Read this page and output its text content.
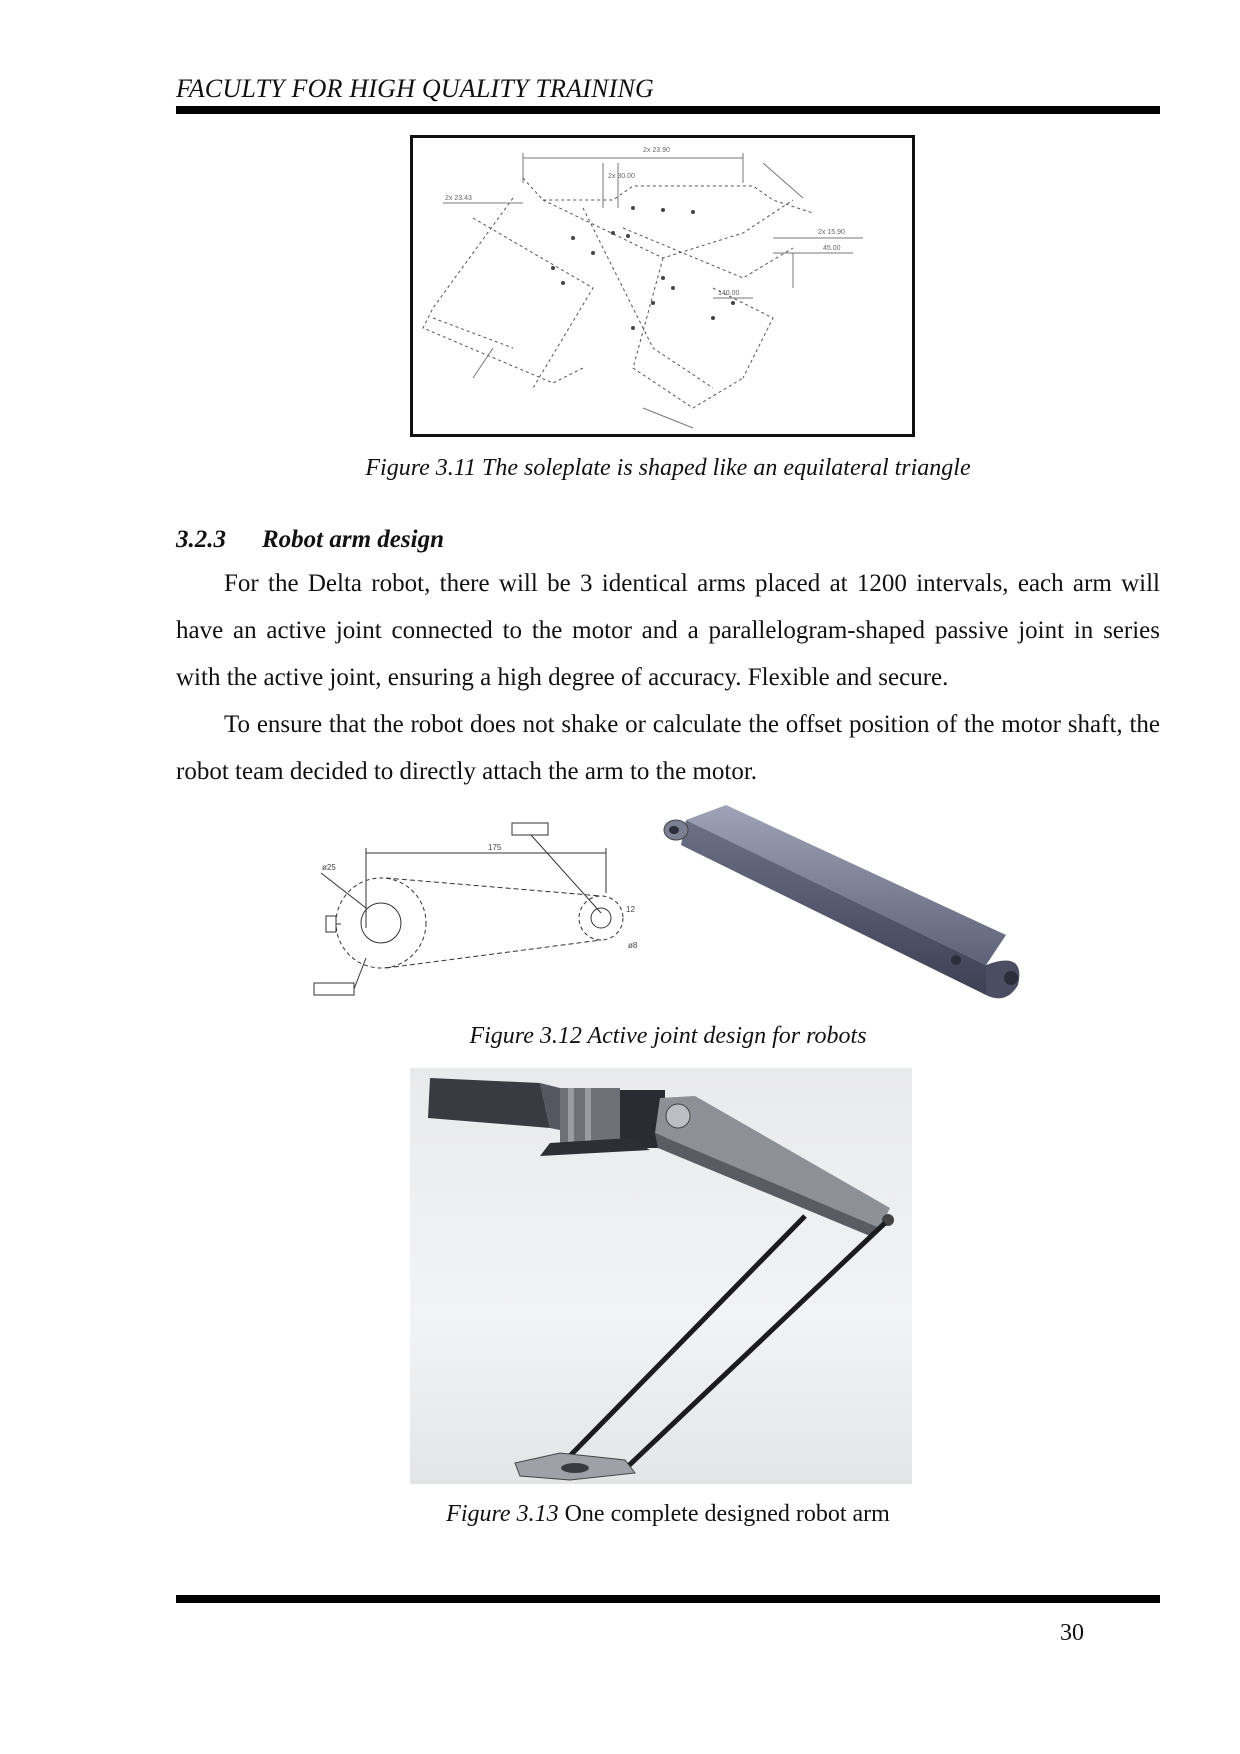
FACULTY FOR HIGH QUALITY TRAINING
2x 23.90
2x 30.00
2x 23.43
2x 15.90
45.00
140.00
Figure 3.11 The soleplate is shaped like an equilateral triangle
3.2.3 Robot arm design

For the Delta robot, there will be 3 identical arms placed at 1200 intervals, each arm will have an active joint connected to the motor and a parallelogram-shaped passive joint in series with the active joint, ensuring a high degree of accuracy. Flexible and secure.

To ensure that the robot does not shake or calculate the offset position of the motor shaft, the robot team decided to directly attach the arm to the motor.

ø25
175
12
ø8
Figure 3.12 Active joint design for robots
Figure 3.13 One complete designed robot arm
30
